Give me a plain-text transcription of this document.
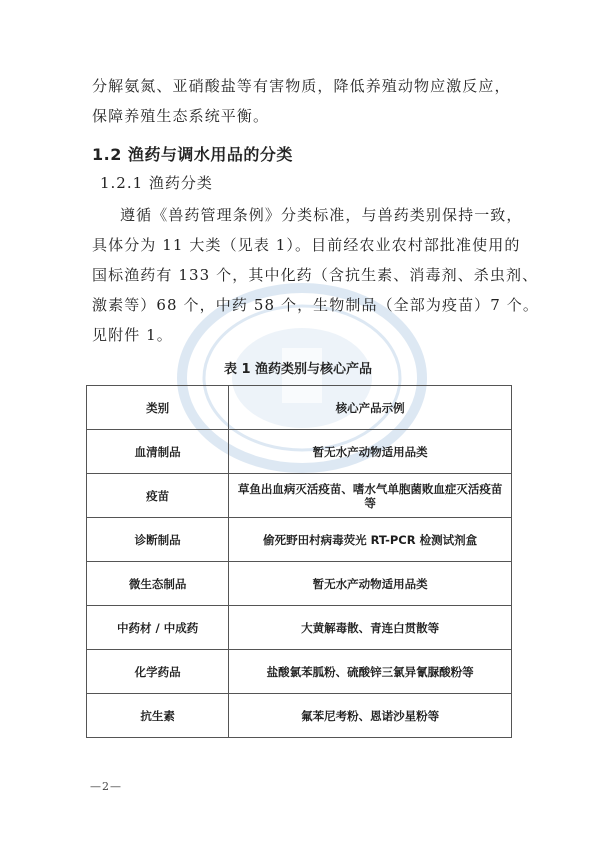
分解氨氮、亚硝酸盐等有害物质，降低养殖动物应激反应，
保障养殖生态系统平衡。
1.2 渔药与调水用品的分类
1.2.1 渔药分类
遵循《兽药管理条例》分类标准，与兽药类别保持一致，
具体分为 11 大类（见表 1）。目前经农业农村部批准使用的
国标渔药有 133 个，其中化药（含抗生素、消毒剂、杀虫剂、
激素等）68 个，中药 58 个，生物制品（全部为疫苗）7 个。
见附件 1。
表 1 渔药类别与核心产品
类别	核心产品示例
血清制品	暂无水产动物适用品类
疫苗	草鱼出血病灭活疫苗、嗜水气单胞菌败血症灭活疫苗等
诊断制品	偷死野田村病毒荧光 RT-PCR 检测试剂盒
微生态制品	暂无水产动物适用品类
中药材 / 中成药	大黄解毒散、青连白贯散等
化学药品	盐酸氯苯胍粉、硫酸锌三氯异氰脲酸粉等
抗生素	氟苯尼考粉、恩诺沙星粉等
—2—
